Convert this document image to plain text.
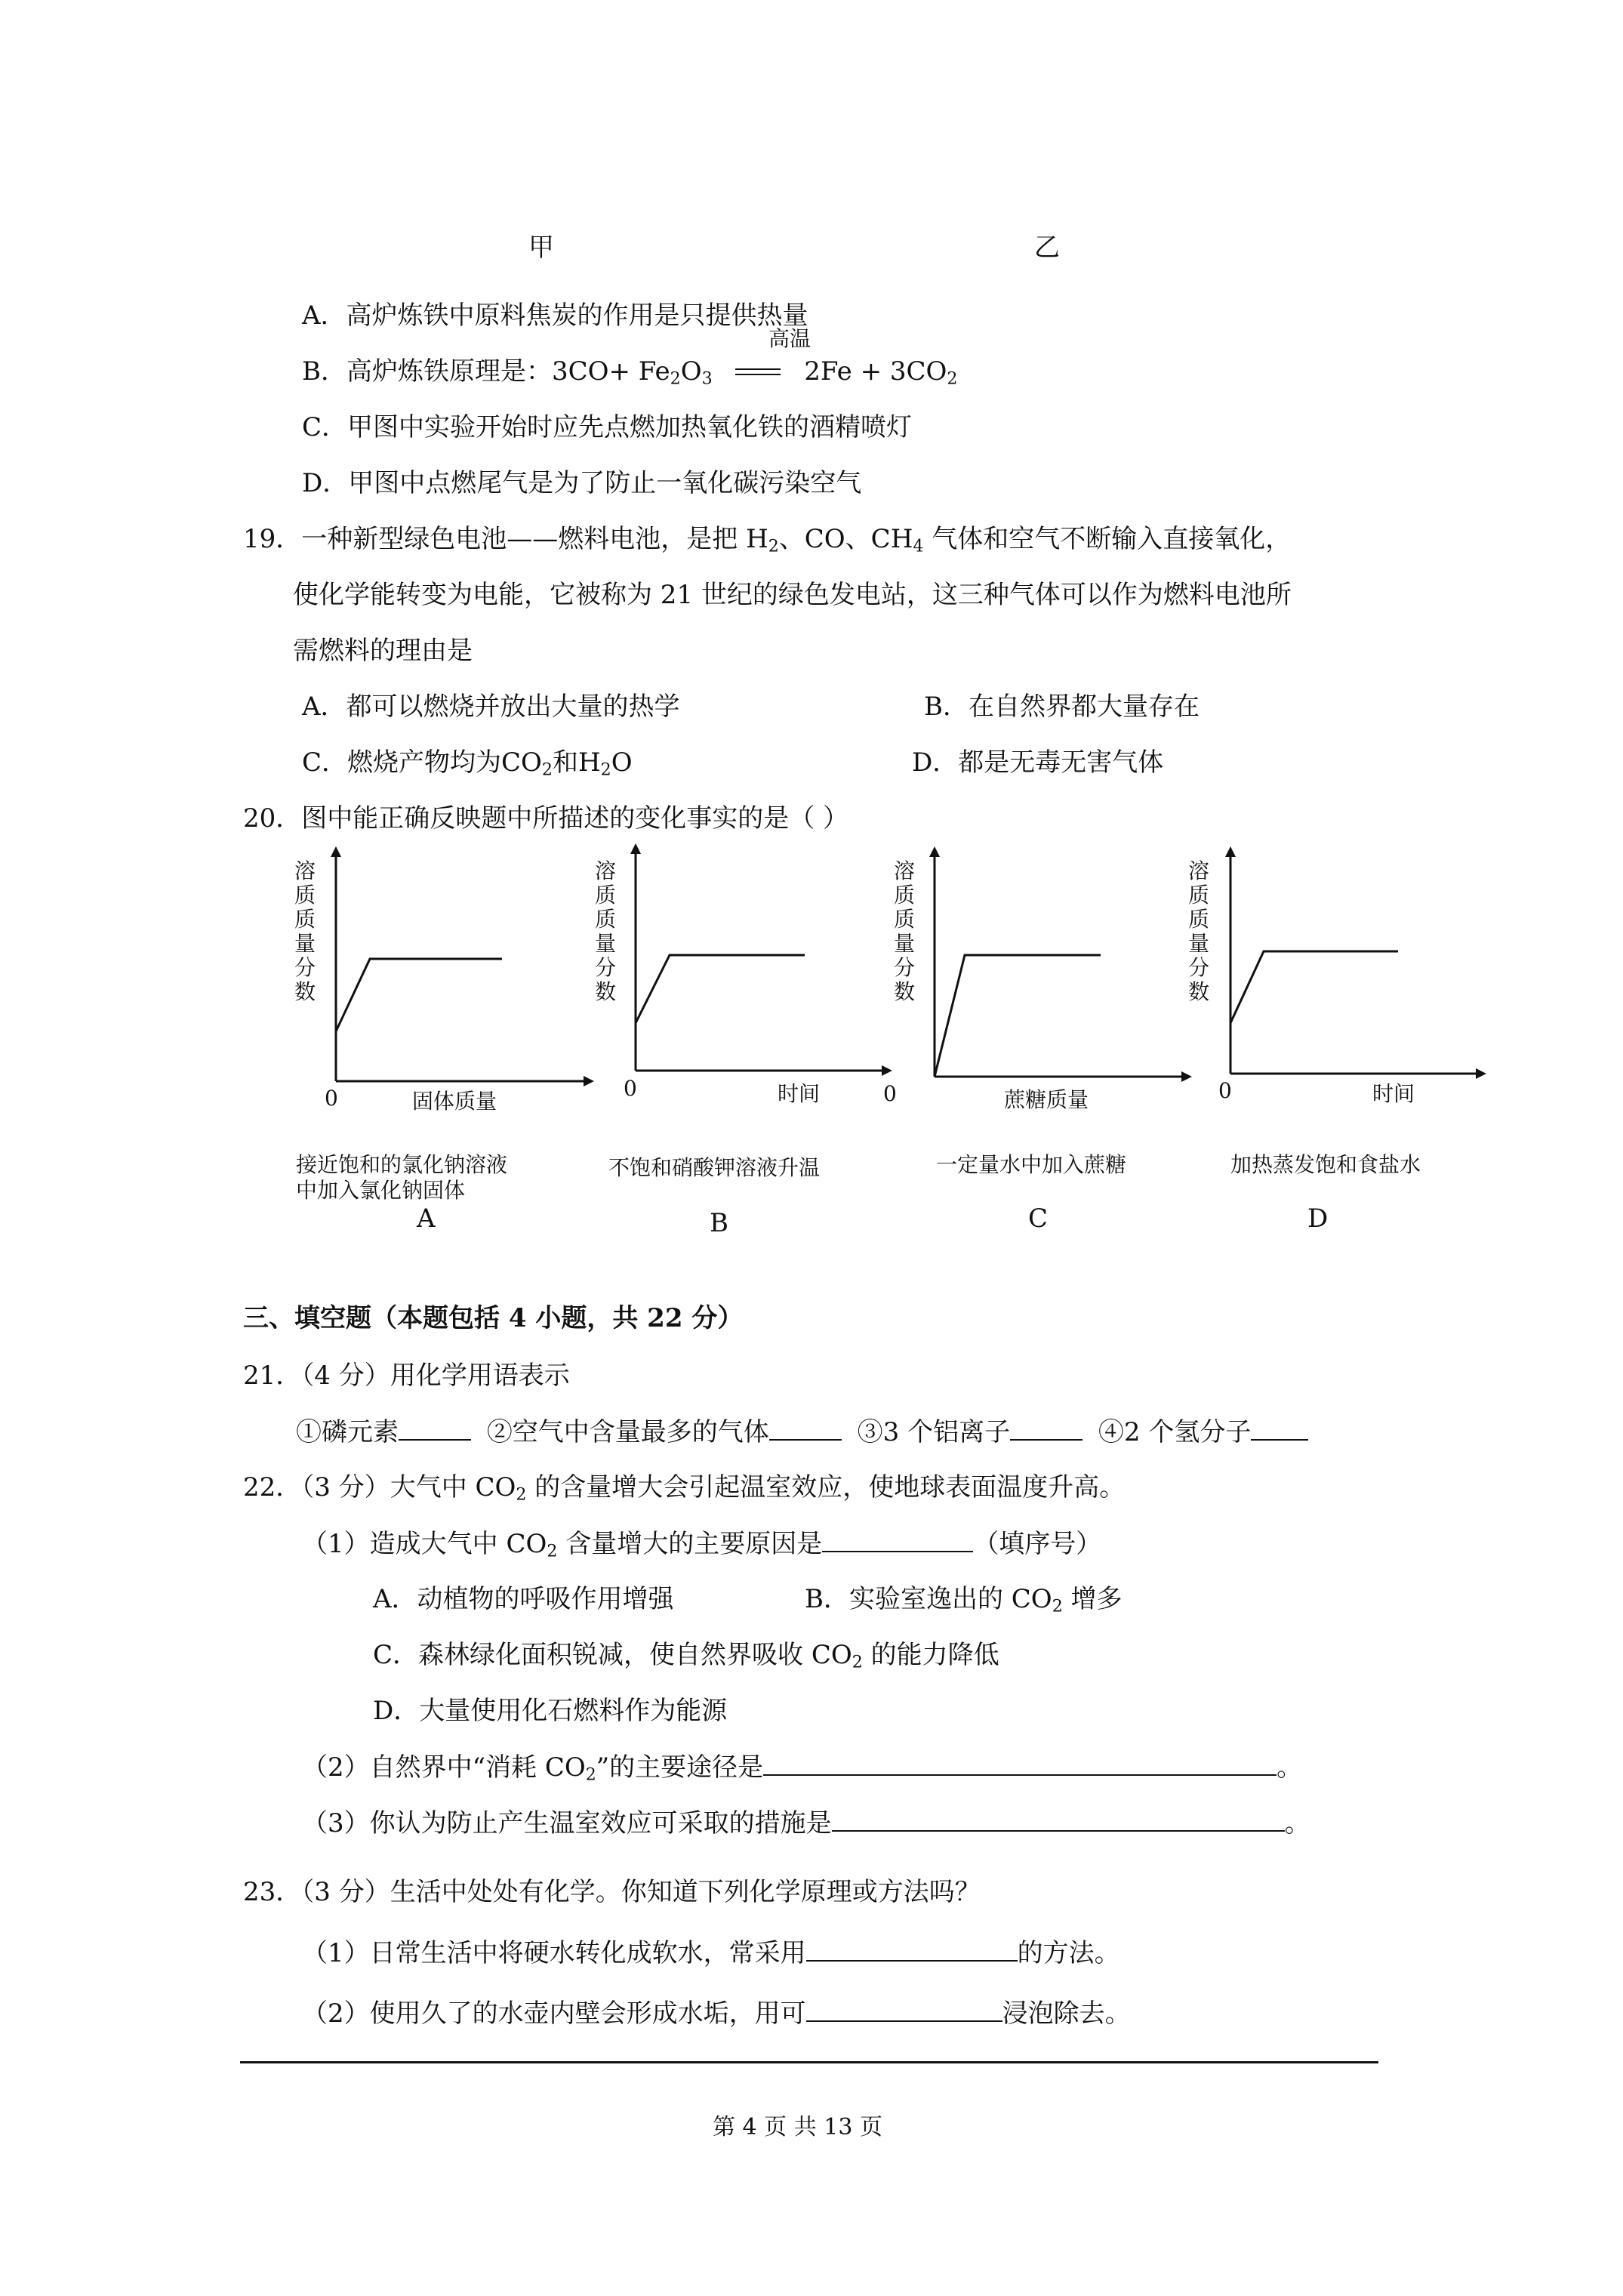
甲	乙
A．高炉炼铁中原料焦炭的作用是只提供热量
高温
B．高炉炼铁原理是：$3CO+ Fe_2O_3$	$2Fe + 3CO_2$
C．甲图中实验开始时应先点燃加热氧化铁的酒精喷灯
D．甲图中点燃尾气是为了防止一氧化碳污染空气
19．一种新型绿色电池——燃料电池，是把 $H_2$、CO、$CH_4$ 气体和空气不断输入直接氧化，
使化学能转变为电能，它被称为 21 世纪的绿色发电站，这三种气体可以作为燃料电池所
需燃料的理由是
A．都可以燃烧并放出大量的热学	B．在自然界都大量存在
C．燃烧产物均为$CO_2$和$H_2O$	D．都是无毒无害气体
20．图中能正确反映题中所描述的变化事实的是（ ）
溶质质量分数
溶质质量分数
溶质质量分数
溶质质量分数
0	0	0	0
固体质量	时间	蔗糖质量	时间
接近饱和的氯化钠溶液
中加入氯化钠固体
A
不饱和硝酸钾溶液升温
B
一定量水中加入蔗糖
C
加热蒸发饱和食盐水
D
三、填空题（本题包括 4 小题，共 22 分）
21．（4 分）用化学用语表示
①磷元素	②空气中含量最多的气体	③3 个铝离子	④2 个氢分子
22．（3 分）大气中 $CO_2$ 的含量增大会引起温室效应，使地球表面温度升高。
（1）造成大气中 $CO_2$ 含量增大的主要原因是	（填序号）
A．动植物的呼吸作用增强	B．实验室逸出的 $CO_2$ 增多
C．森林绿化面积锐减，使自然界吸收 $CO_2$ 的能力降低
D．大量使用化石燃料作为能源
（2）自然界中“消耗 $CO_2$”的主要途径是	。
（3）你认为防止产生温室效应可采取的措施是	。
23．（3 分）生活中处处有化学。你知道下列化学原理或方法吗？
（1）日常生活中将硬水转化成软水，常采用	的方法。
（2）使用久了的水壶内壁会形成水垢，用可	浸泡除去。
第 4 页 共 13 页
